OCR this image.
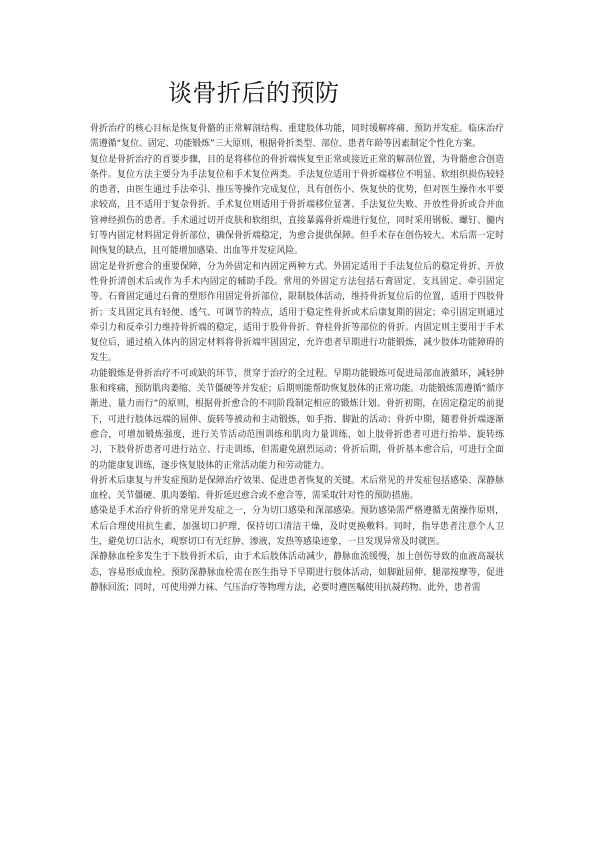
谈骨折后的预防

骨折治疗的核心目标是恢复骨骼的正常解剖结构、重建肢体功能，同时缓解疼痛、预防并发症。临床治疗需遵循“复位、固定、功能锻炼”三大原则，根据骨折类型、部位、患者年龄等因素制定个性化方案。

复位是骨折治疗的首要步骤，目的是将移位的骨折端恢复至正常或接近正常的解剖位置，为骨骼愈合创造条件。复位方法主要分为手法复位和手术复位两类。手法复位适用于骨折端移位不明显、软组织损伤较轻的患者，由医生通过手法牵引、推压等操作完成复位，具有创伤小、恢复快的优势，但对医生操作水平要求较高，且不适用于复杂骨折。手术复位则适用于骨折端移位显著、手法复位失败、开放性骨折或合并血管神经损伤的患者。手术通过切开皮肤和软组织，直接暴露骨折端进行复位，同时采用钢板、螺钉、髓内钉等内固定材料固定骨折部位，确保骨折端稳定，为愈合提供保障。但手术存在创伤较大、术后需一定时间恢复的缺点，且可能增加感染、出血等并发症风险。

固定是骨折愈合的重要保障，分为外固定和内固定两种方式。外固定适用于手法复位后的稳定骨折、开放性骨折清创术后或作为手术内固定的辅助手段。常用的外固定方法包括石膏固定、支具固定、牵引固定等。石膏固定通过石膏的塑形作用固定骨折部位，限制肢体活动，维持骨折复位后的位置，适用于四肢骨折；支具固定具有轻便、透气、可调节的特点，适用于稳定性骨折或术后康复期的固定；牵引固定则通过牵引力和反牵引力维持骨折端的稳定，适用于股骨骨折、脊柱骨折等部位的骨折。内固定则主要用于手术复位后，通过植入体内的固定材料将骨折端牢固固定，允许患者早期进行功能锻炼，减少肢体功能障碍的发生。

功能锻炼是骨折治疗不可或缺的环节，贯穿于治疗的全过程。早期功能锻炼可促进局部血液循环，减轻肿胀和疼痛，预防肌肉萎缩、关节僵硬等并发症；后期则能帮助恢复肢体的正常功能。功能锻炼需遵循“循序渐进、量力而行”的原则，根据骨折愈合的不同阶段制定相应的锻炼计划。骨折初期，在固定稳定的前提下，可进行肢体远端的屈伸、旋转等被动和主动锻炼，如手指、脚趾的活动；骨折中期，随着骨折端逐渐愈合，可增加锻炼强度，进行关节活动范围训练和肌肉力量训练，如上肢骨折患者可进行抬举、旋转练习，下肢骨折患者可进行站立、行走训练，但需避免剧烈运动；骨折后期，骨折基本愈合后，可进行全面的功能康复训练，逐步恢复肢体的正常活动能力和劳动能力。

骨折术后康复与并发症预防是保障治疗效果、促进患者恢复的关键。术后常见的并发症包括感染、深静脉血栓、关节僵硬、肌肉萎缩、骨折延迟愈合或不愈合等，需采取针对性的预防措施。

感染是手术治疗骨折的常见并发症之一，分为切口感染和深部感染。预防感染需严格遵循无菌操作原则，术后合理使用抗生素，加强切口护理，保持切口清洁干燥，及时更换敷料。同时，指导患者注意个人卫生，避免切口沾水，观察切口有无红肿、渗液、发热等感染迹象，一旦发现异常及时就医。

深静脉血栓多发生于下肢骨折术后，由于术后肢体活动减少，静脉血流缓慢，加上创伤导致的血液高凝状态，容易形成血栓。预防深静脉血栓需在医生指导下早期进行肢体活动，如脚趾屈伸、腿部按摩等，促进静脉回流；同时，可使用弹力袜、气压治疗等物理方法，必要时遵医嘱使用抗凝药物。此外，患者需
